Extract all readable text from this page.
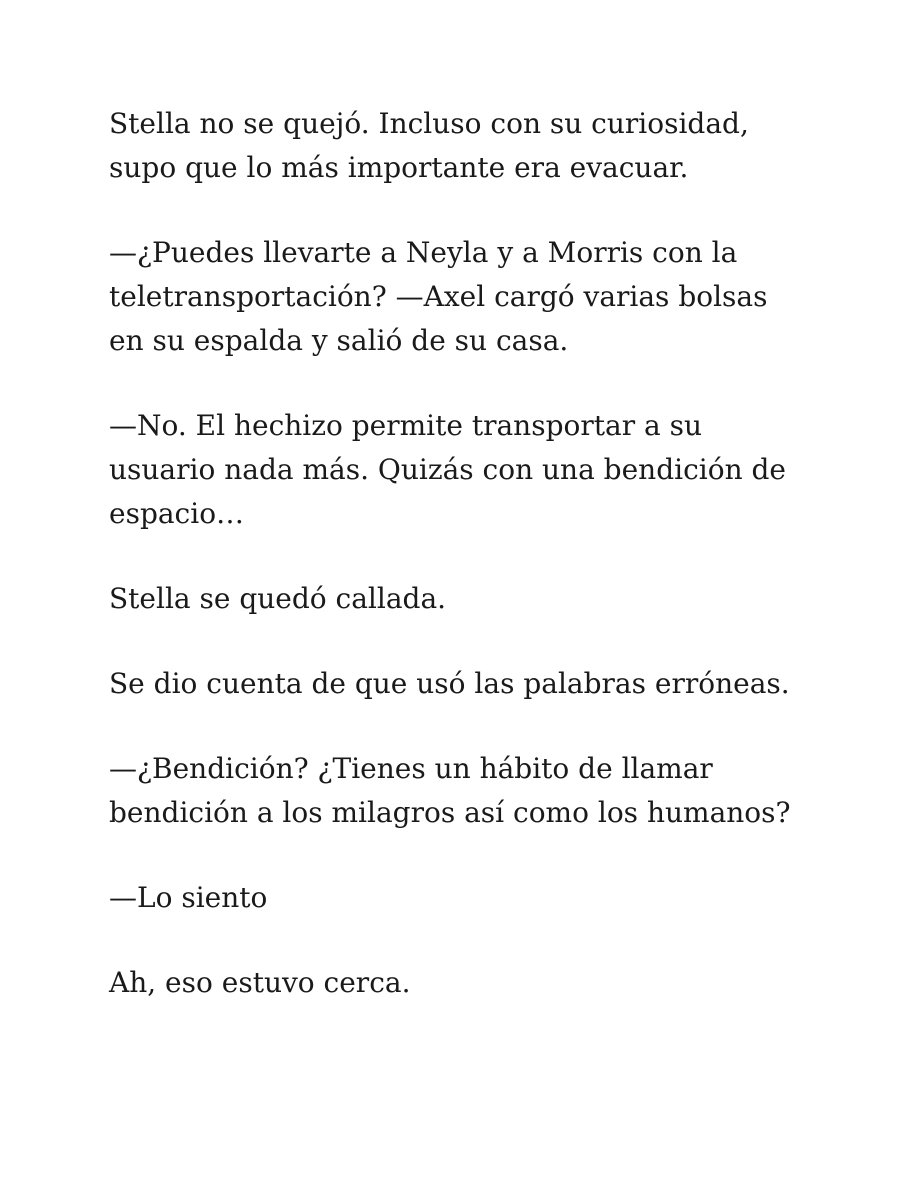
Stella no se quejó. Incluso con su curiosidad, supo que lo más importante era evacuar.

—¿Puedes llevarte a Neyla y a Morris con la teletransportación? —Axel cargó varias bolsas en su espalda y salió de su casa.

—No. El hechizo permite transportar a su usuario nada más. Quizás con una bendición de espacio…

Stella se quedó callada.

Se dio cuenta de que usó las palabras erróneas.

—¿Bendición? ¿Tienes un hábito de llamar bendición a los milagros así como los humanos?

—Lo siento

Ah, eso estuvo cerca.
